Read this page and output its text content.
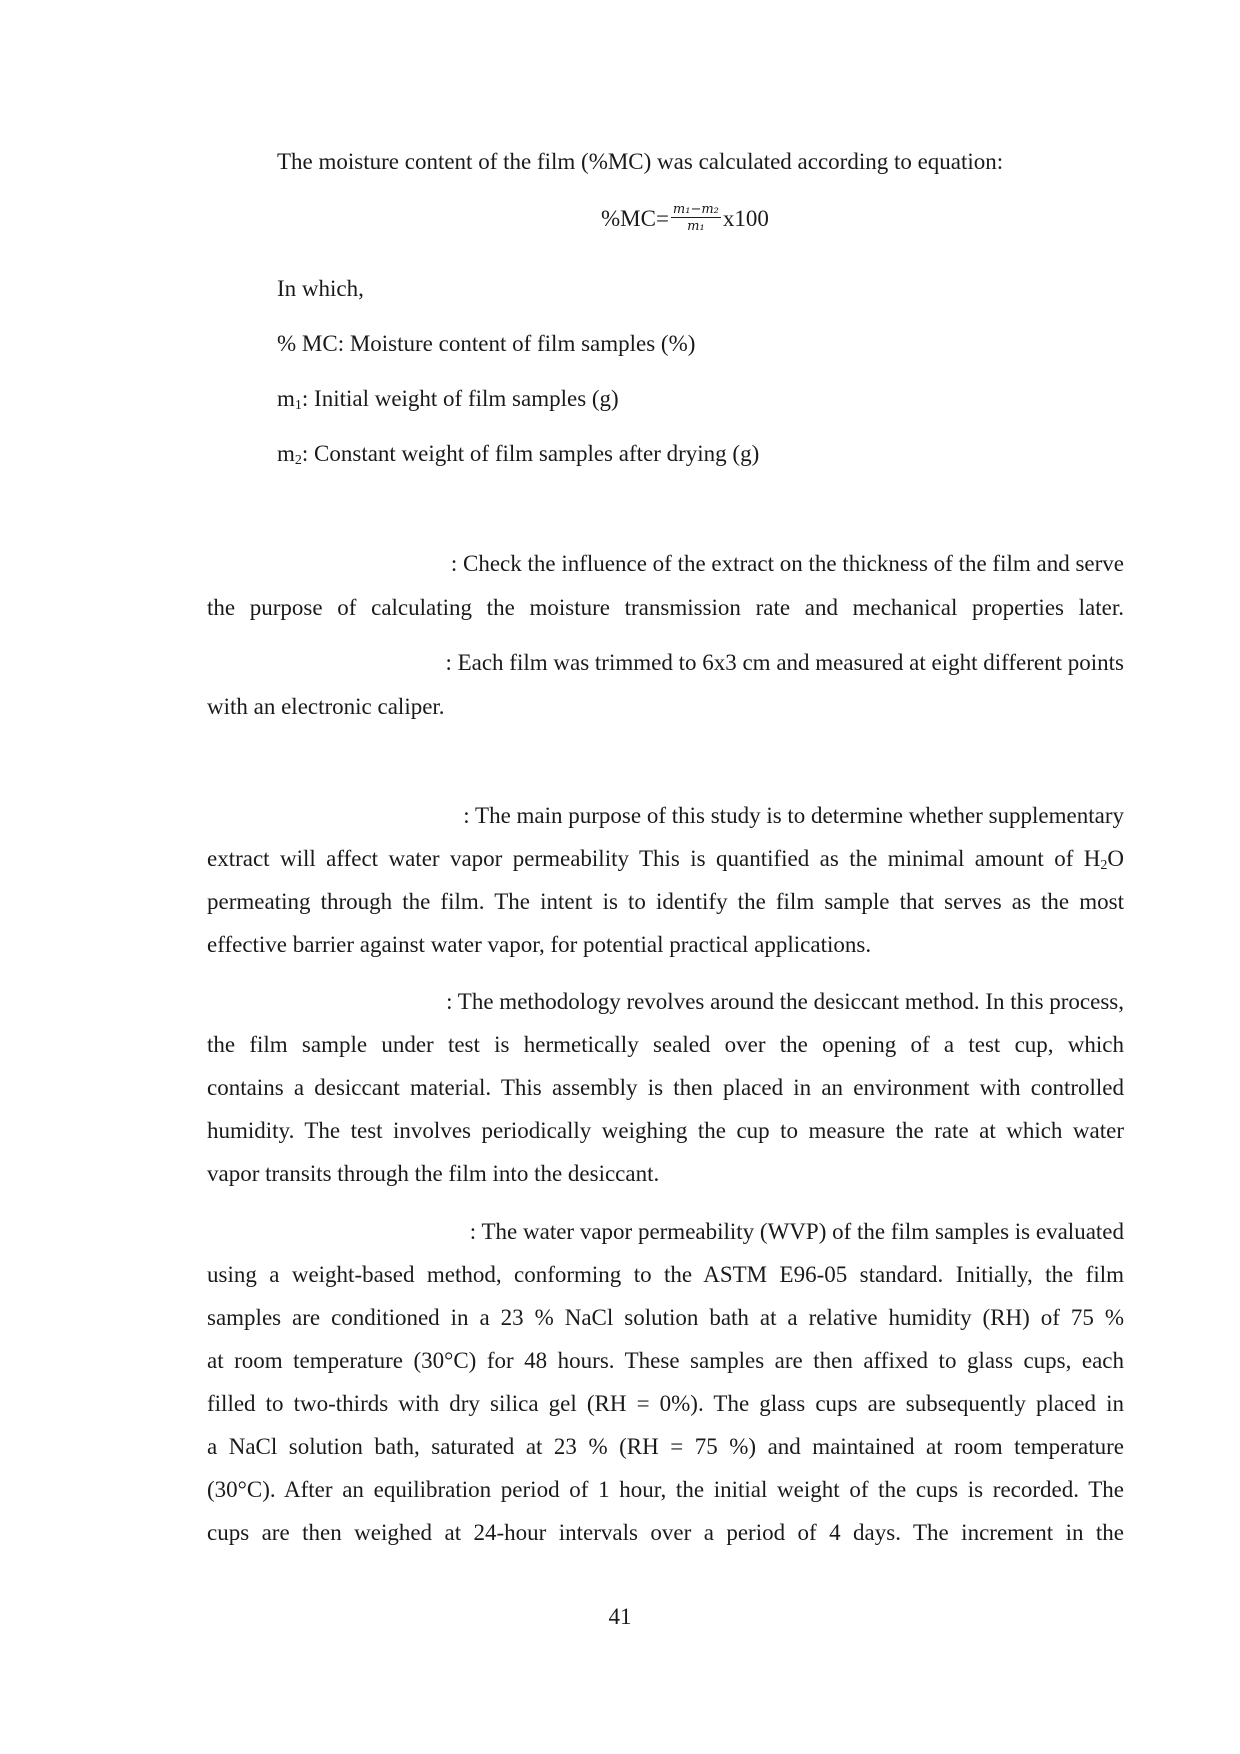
The moisture content of the film (%MC) was calculated according to equation:
$\%MC= \frac{\text{m₁−m₂}}{\text{m₁}} x100$
In which,
% MC: Moisture content of film samples (%)
$m_1$: Initial weight of film samples (g)
$m_2$: Constant weight of film samples after drying (g)
: Check the influence of the extract on the thickness of the film and serve
the purpose of calculating the moisture transmission rate and mechanical properties later.
: Each film was trimmed to 6x3 cm and measured at eight different points
with an electronic caliper.
: The main purpose of this study is to determine whether supplementary
extract will affect water vapor permeability This is quantified as the minimal amount of $H_2O$
permeating through the film. The intent is to identify the film sample that serves as the most
effective barrier against water vapor, for potential practical applications.
: The methodology revolves around the desiccant method. In this process,
the film sample under test is hermetically sealed over the opening of a test cup, which
contains a desiccant material. This assembly is then placed in an environment with controlled
humidity. The test involves periodically weighing the cup to measure the rate at which water
vapor transits through the film into the desiccant.
: The water vapor permeability (WVP) of the film samples is evaluated
using a weight-based method, conforming to the ASTM E96-05 standard. Initially, the film
samples are conditioned in a 23 % NaCl solution bath at a relative humidity (RH) of 75 %
at room temperature (30°C) for 48 hours. These samples are then affixed to glass cups, each
filled to two-thirds with dry silica gel (RH = 0%). The glass cups are subsequently placed in
a NaCl solution bath, saturated at 23 % (RH = 75 %) and maintained at room temperature
(30°C). After an equilibration period of 1 hour, the initial weight of the cups is recorded. The
cups are then weighed at 24-hour intervals over a period of 4 days. The increment in the
41
